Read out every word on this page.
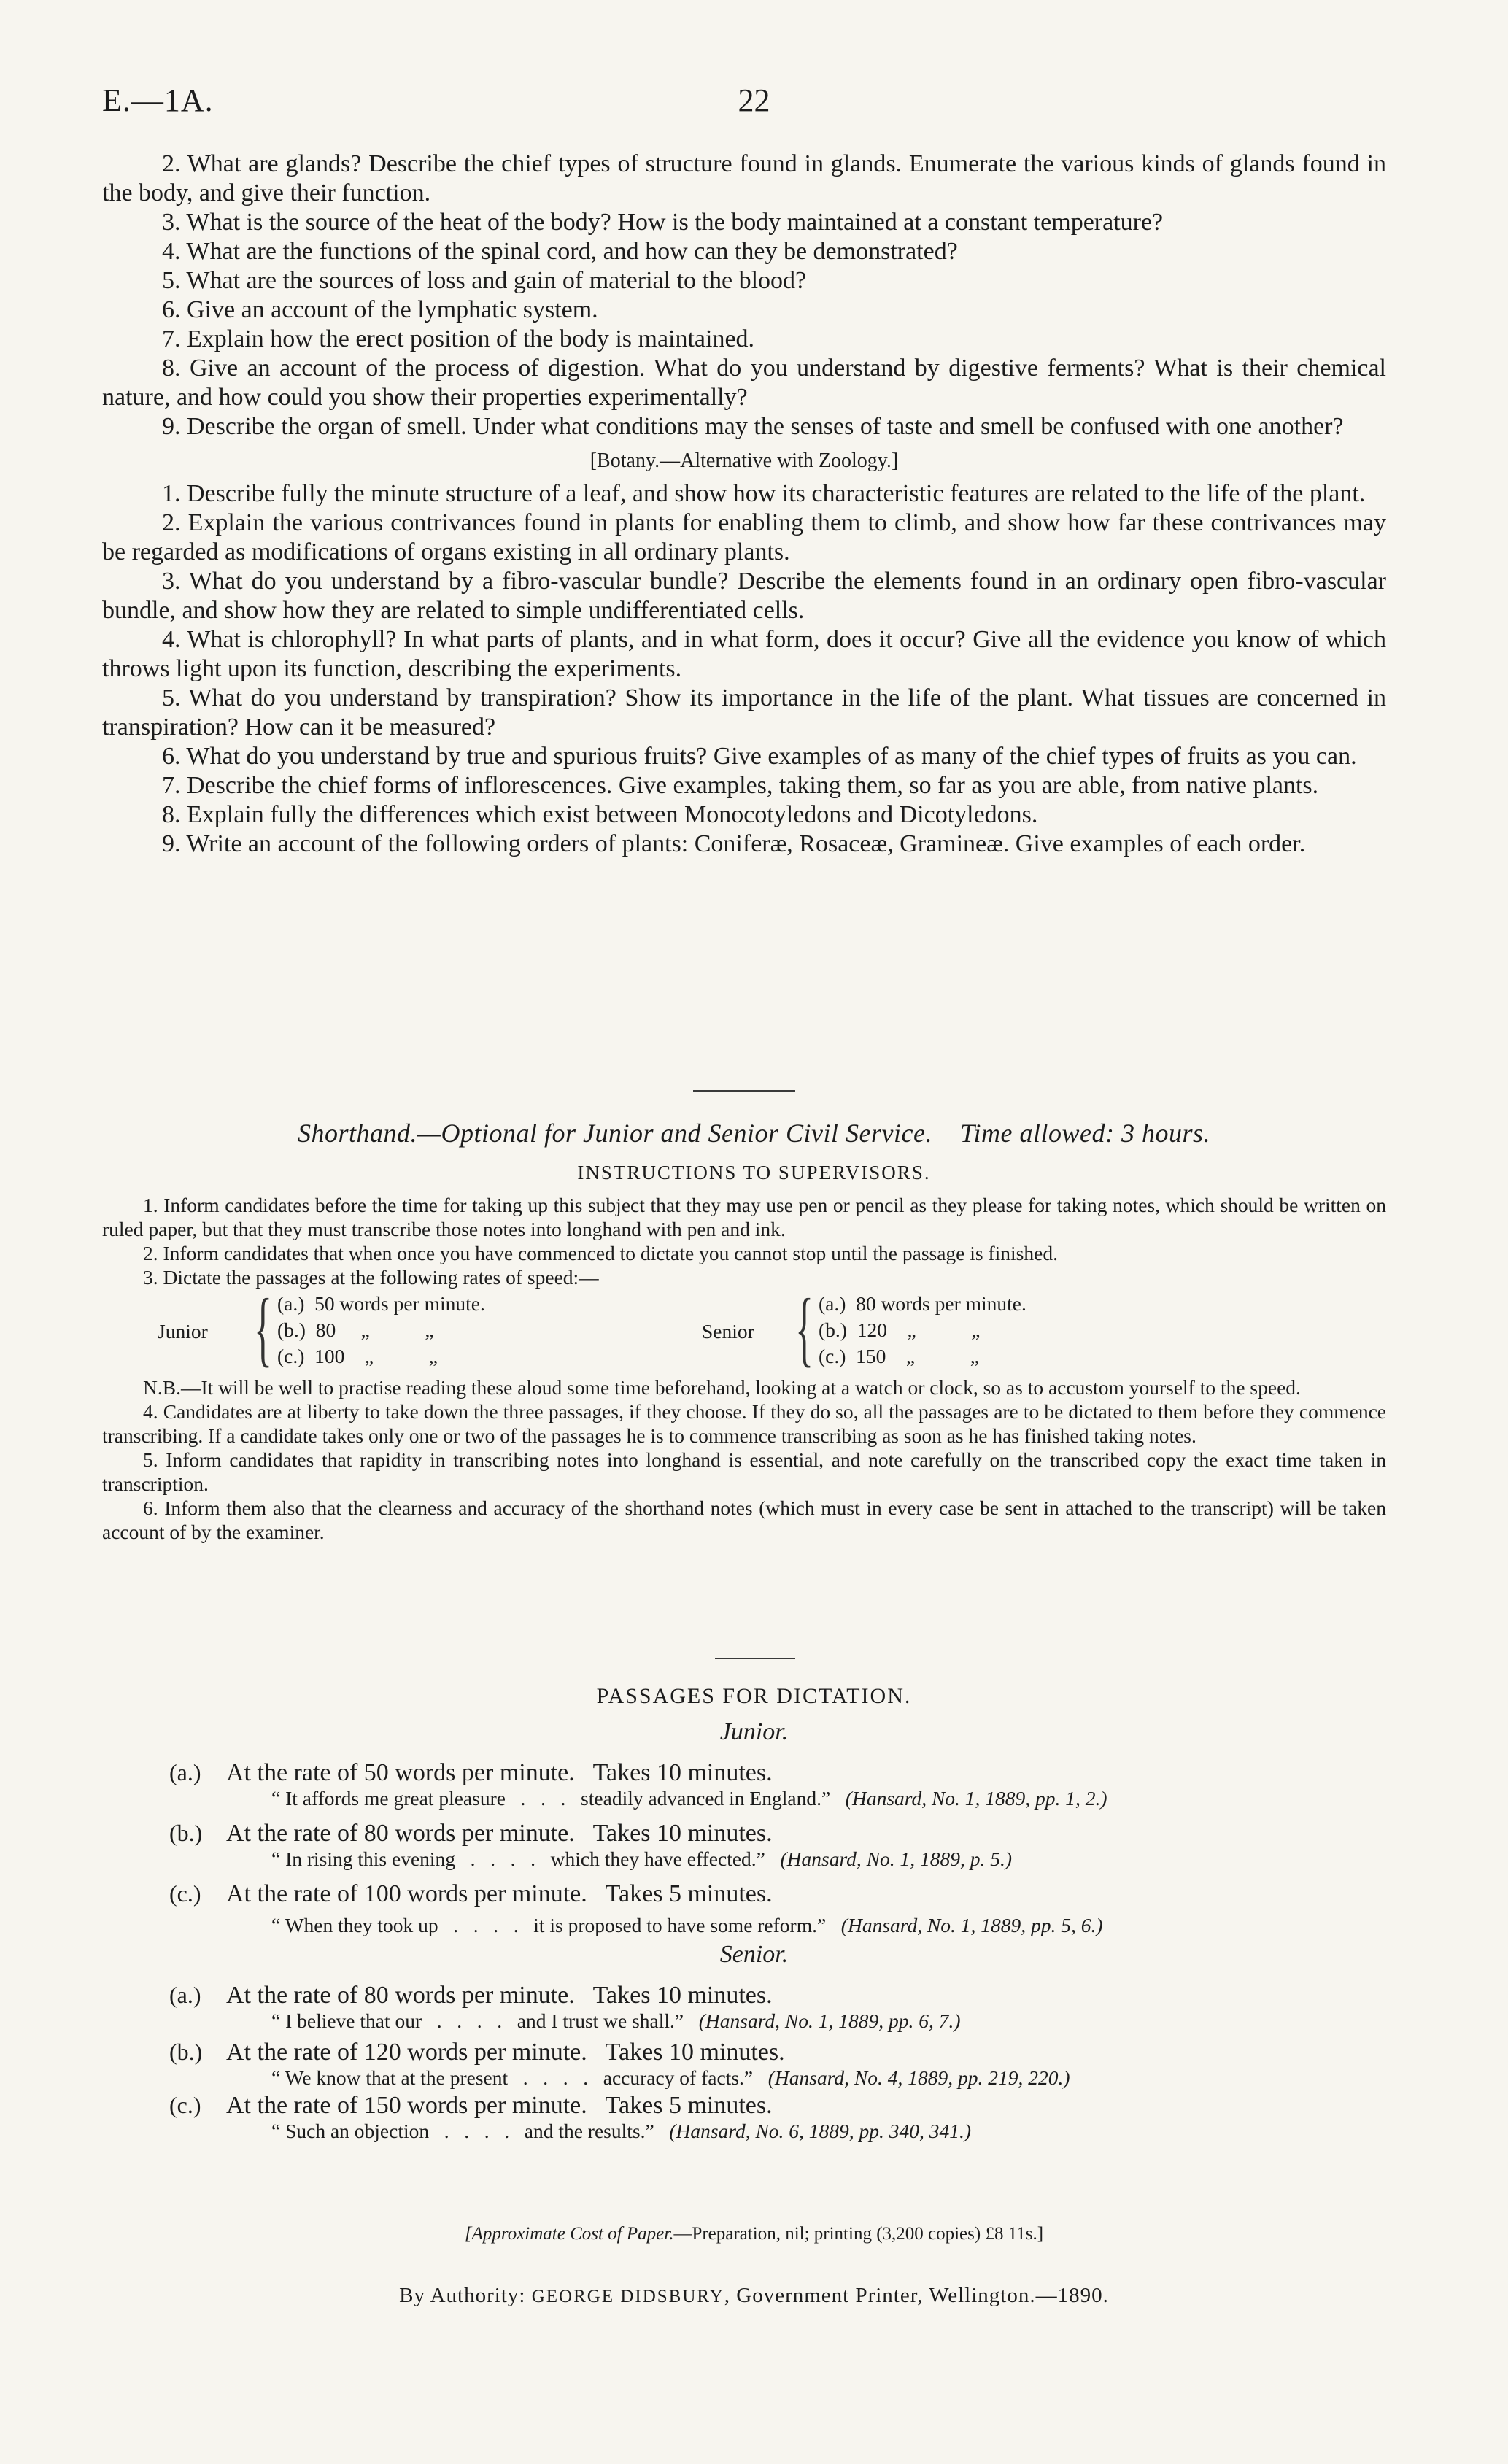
E.—1A.	22

2. What are glands? Describe the chief types of structure found in glands. Enumerate the various kinds of glands found in the body, and give their function.

3. What is the source of the heat of the body? How is the body maintained at a constant temperature?

4. What are the functions of the spinal cord, and how can they be demonstrated?

5. What are the sources of loss and gain of material to the blood?

6. Give an account of the lymphatic system.

7. Explain how the erect position of the body is maintained.

8. Give an account of the process of digestion. What do you understand by digestive ferments? What is their chemical nature, and how could you show their properties experimentally?

9. Describe the organ of smell. Under what conditions may the senses of taste and smell be confused with one another?

[Botany.—Alternative with Zoology.]

1. Describe fully the minute structure of a leaf, and show how its characteristic features are related to the life of the plant.

2. Explain the various contrivances found in plants for enabling them to climb, and show how far these contrivances may be regarded as modifications of organs existing in all ordinary plants.

3. What do you understand by a fibro-vascular bundle? Describe the elements found in an ordinary open fibro-vascular bundle, and show how they are related to simple undifferentiated cells.

4. What is chlorophyll? In what parts of plants, and in what form, does it occur? Give all the evidence you know of which throws light upon its function, describing the experiments.

5. What do you understand by transpiration? Show its importance in the life of the plant. What tissues are concerned in transpiration? How can it be measured?

6. What do you understand by true and spurious fruits? Give examples of as many of the chief types of fruits as you can.

7. Describe the chief forms of inflorescences. Give examples, taking them, so far as you are able, from native plants.

8. Explain fully the differences which exist between Monocotyledons and Dicotyledons.

9. Write an account of the following orders of plants: Coniferæ, Rosaceæ, Gramineæ. Give examples of each order.

Shorthand.—Optional for Junior and Senior Civil Service.    Time allowed: 3 hours.
INSTRUCTIONS TO SUPERVISORS.

1. Inform candidates before the time for taking up this subject that they may use pen or pencil as they please for taking notes, which should be written on ruled paper, but that they must transcribe those notes into longhand with pen and ink.

2. Inform candidates that when once you have commenced to dictate you cannot stop until the passage is finished.

3. Dictate the passages at the following rates of speed:—

Junior { (a.)  50 words per minute.
(b.)  80     „           „
(c.)  100    „           „
Senior { (a.)  80 words per minute.
(b.)  120    „           „
(c.)  150    „           „

N.B.—It will be well to practise reading these aloud some time beforehand, looking at a watch or clock, so as to accustom yourself to the speed.

4. Candidates are at liberty to take down the three passages, if they choose. If they do so, all the passages are to be dictated to them before they commence transcribing. If a candidate takes only one or two of the passages he is to commence transcribing as soon as he has finished taking notes.

5. Inform candidates that rapidity in transcribing notes into longhand is essential, and note carefully on the transcribed copy the exact time taken in transcription.

6. Inform them also that the clearness and accuracy of the shorthand notes (which must in every case be sent in attached to the transcript) will be taken account of by the examiner.

PASSAGES FOR DICTATION.
Junior.
(a.) At the rate of 50 words per minute.   Takes 10 minutes.
“ It affords me great pleasure   .   .   .   steadily advanced in England.” (Hansard, No. 1, 1889, pp. 1, 2.)
(b.) At the rate of 80 words per minute.   Takes 10 minutes.
“ In rising this evening   .   .   .   .   which they have effected.” (Hansard, No. 1, 1889, p. 5.)
(c.) At the rate of 100 words per minute.   Takes 5 minutes.
“ When they took up   .   .   .   .   it is proposed to have some reform.” (Hansard, No. 1, 1889, pp. 5, 6.)
Senior.
(a.) At the rate of 80 words per minute.   Takes 10 minutes.
“ I believe that our   .   .   .   .   and I trust we shall.” (Hansard, No. 1, 1889, pp. 6, 7.)
(b.) At the rate of 120 words per minute.   Takes 10 minutes.
“ We know that at the present   .   .   .   .   accuracy of facts.” (Hansard, No. 4, 1889, pp. 219, 220.)
(c.) At the rate of 150 words per minute.   Takes 5 minutes.
“ Such an objection   .   .   .   .   and the results.” (Hansard, No. 6, 1889, pp. 340, 341.)
[Approximate Cost of Paper.—Preparation, nil; printing (3,200 copies) £8 11s.]
By Authority: GEORGE DIDSBURY, Government Printer, Wellington.—1890.
